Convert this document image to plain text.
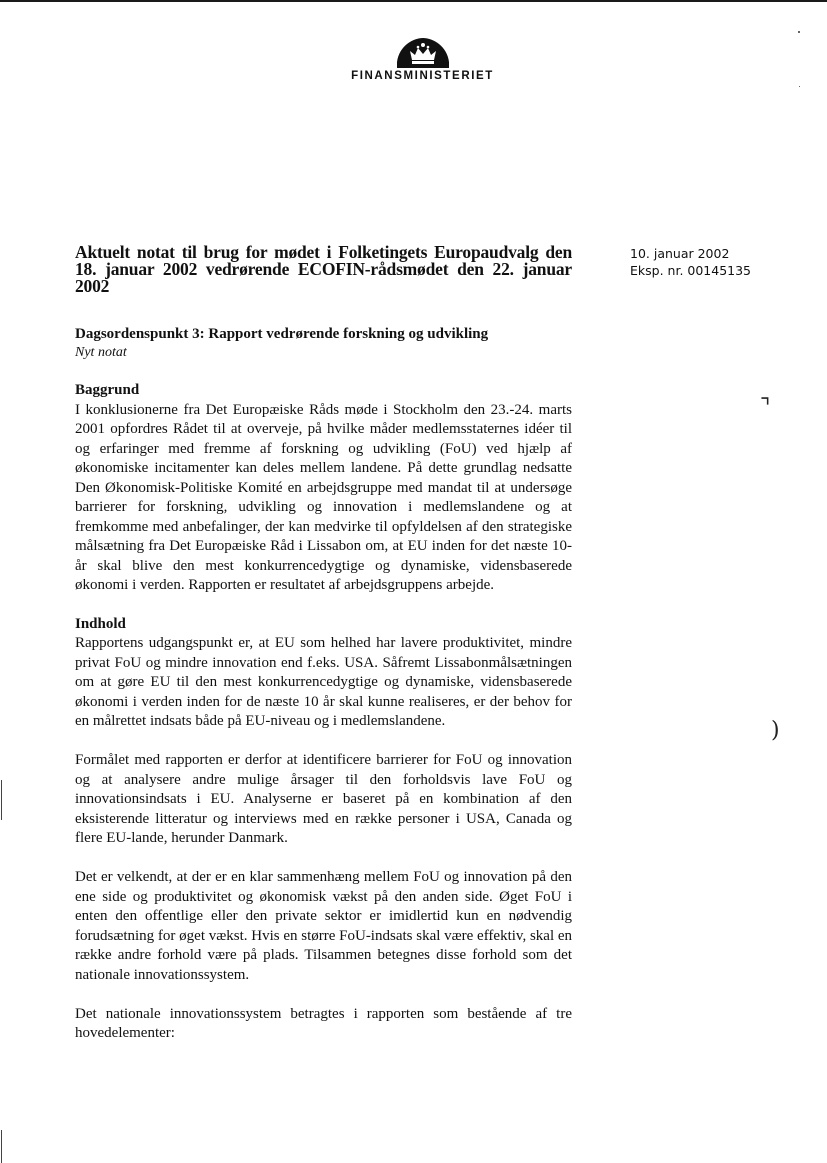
FINANSMINISTERIET
10. januar 2002
Eksp. nr. 00145135
Aktuelt notat til brug for mødet i Folketingets Europaudvalg den 18. januar 2002 vedrørende ECOFIN-rådsmødet den 22. januar 2002
Dagsordenspunkt 3: Rapport vedrørende forskning og udvikling
Nyt notat
Baggrund

I konklusionerne fra Det Europæiske Råds møde i Stockholm den 23.-24. marts 2001 opfordres Rådet til at overveje, på hvilke måder medlemsstaternes idéer til og erfaringer med fremme af forskning og udvikling (FoU) ved hjælp af økonomiske incitamenter kan deles mellem landene. På dette grundlag nedsatte Den Økonomisk-Politiske Komité en arbejdsgruppe med mandat til at undersøge barrierer for forskning, udvikling og innovation i medlemslandene og at fremkomme med anbefalinger, der kan medvirke til opfyldelsen af den strategiske målsætning fra Det Europæiske Råd i Lissabon om, at EU inden for det næste 10-år skal blive den mest konkurrencedygtige og dynamiske, vidensbaserede økonomi i verden. Rapporten er resultatet af arbejdsgruppens arbejde.

Indhold

Rapportens udgangspunkt er, at EU som helhed har lavere produktivitet, mindre privat FoU og mindre innovation end f.eks. USA. Såfremt Lissabonmålsætningen om at gøre EU til den mest konkurrencedygtige og dynamiske, vidensbaserede økonomi i verden inden for de næste 10 år skal kunne realiseres, er der behov for en målrettet indsats både på EU-niveau og i medlemslandene.

Formålet med rapporten er derfor at identificere barrierer for FoU og innovation og at analysere andre mulige årsager til den forholdsvis lave FoU og innovationsindsats i EU. Analyserne er baseret på en kombination af den eksisterende litteratur og interviews med en række personer i USA, Canada og flere EU-lande, herunder Danmark.

Det er velkendt, at der er en klar sammenhæng mellem FoU og innovation på den ene side og produktivitet og økonomisk vækst på den anden side. Øget FoU i enten den offentlige eller den private sektor er imidlertid kun en nødvendig forudsætning for øget vækst. Hvis en større FoU-indsats skal være effektiv, skal en række andre forhold være på plads. Tilsammen betegnes disse forhold som det nationale innovationssystem.

Det nationale innovationssystem betragtes i rapporten som bestående af tre hovedelementer:

⌝
)
